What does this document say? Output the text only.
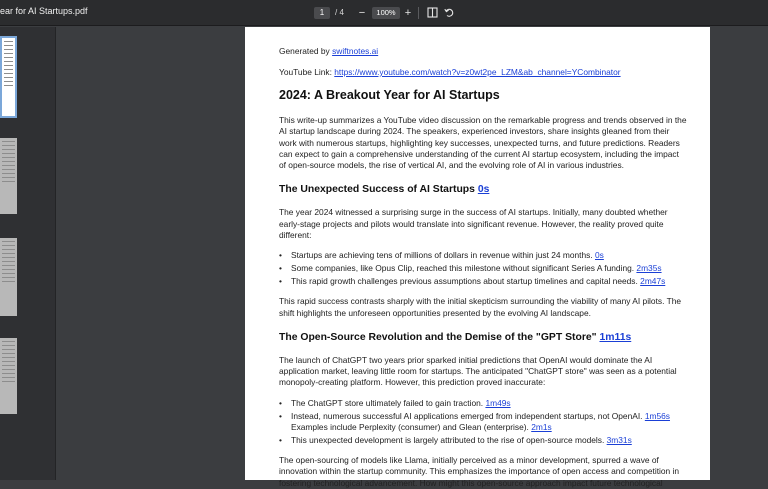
ear for AI Startups.pdf	1	/ 4 −	100% +
Generated by swiftnotes.ai
YouTube Link: https://www.youtube.com/watch?v=z0wt2pe_LZM&ab_channel=YCombinator
2024: A Breakout Year for AI Startups

This write-up summarizes a YouTube video discussion on the remarkable progress and trends observed in the AI startup landscape during 2024. The speakers, experienced investors, share insights gleaned from their work with numerous startups, highlighting key successes, unexpected turns, and future predictions. Readers can expect to gain a comprehensive understanding of the current AI startup ecosystem, including the impact of open-source models, the rise of vertical AI, and the evolving role of AI in various industries.

The Unexpected Success of AI Startups 0s

The year 2024 witnessed a surprising surge in the success of AI startups. Initially, many doubted whether early-stage projects and pilots would translate into significant revenue. However, the reality proved quite different:

• Startups are achieving tens of millions of dollars in revenue within just 24 months. 0s
• Some companies, like Opus Clip, reached this milestone without significant Series A funding. 2m35s
• This rapid growth challenges previous assumptions about startup timelines and capital needs. 2m47s

This rapid success contrasts sharply with the initial skepticism surrounding the viability of many AI pilots. The shift highlights the unforeseen opportunities presented by the evolving AI landscape.

The Open-Source Revolution and the Demise of the "GPT Store" 1m11s

The launch of ChatGPT two years prior sparked initial predictions that OpenAI would dominate the AI application market, leaving little room for startups. The anticipated "ChatGPT store" was seen as a potential monopoly-creating platform. However, this prediction proved inaccurate:

• The ChatGPT store ultimately failed to gain traction. 1m49s
• Instead, numerous successful AI applications emerged from independent startups, not OpenAI. 1m56s
Examples include Perplexity (consumer) and Glean (enterprise). 2m1s
• This unexpected development is largely attributed to the rise of open-source models. 3m31s

The open-sourcing of models like Llama, initially perceived as a minor development, spurred a wave of innovation within the startup community. This emphasizes the importance of open access and competition in fostering technological advancement. How might this open-source approach impact future technological
